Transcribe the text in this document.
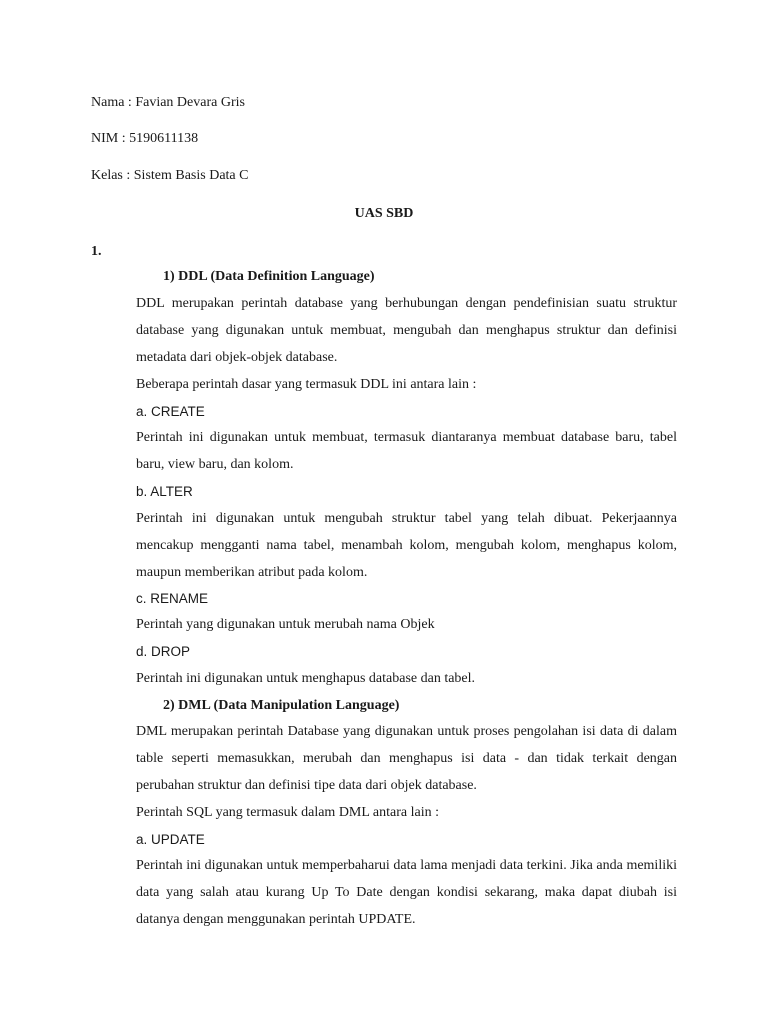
Nama : Favian Devara Gris
NIM : 5190611138
Kelas : Sistem Basis Data C
UAS SBD
1.
1) DDL (Data Definition Language)
DDL merupakan perintah database yang berhubungan dengan pendefinisian suatu struktur database yang digunakan untuk membuat, mengubah dan menghapus struktur dan definisi metadata dari objek-objek database.
Beberapa perintah dasar yang termasuk DDL ini antara lain :
a. CREATE
Perintah ini digunakan untuk membuat, termasuk diantaranya membuat database baru, tabel baru, view baru, dan kolom.
b. ALTER
Perintah ini digunakan untuk mengubah struktur tabel yang telah dibuat. Pekerjaannya mencakup mengganti nama tabel, menambah kolom, mengubah kolom, menghapus kolom, maupun memberikan atribut pada kolom.
c. RENAME
Perintah yang digunakan untuk merubah nama Objek
d. DROP
Perintah ini digunakan untuk menghapus database dan tabel.
2) DML (Data Manipulation Language)
DML merupakan perintah Database yang digunakan untuk proses pengolahan isi data di dalam table seperti memasukkan, merubah dan menghapus isi data - dan tidak terkait dengan perubahan struktur dan definisi tipe data dari objek database.
Perintah SQL yang termasuk dalam DML antara lain :
a. UPDATE
Perintah ini digunakan untuk memperbaharui data lama menjadi data terkini. Jika anda memiliki data yang salah atau kurang Up To Date dengan kondisi sekarang, maka dapat diubah isi datanya dengan menggunakan perintah UPDATE.
